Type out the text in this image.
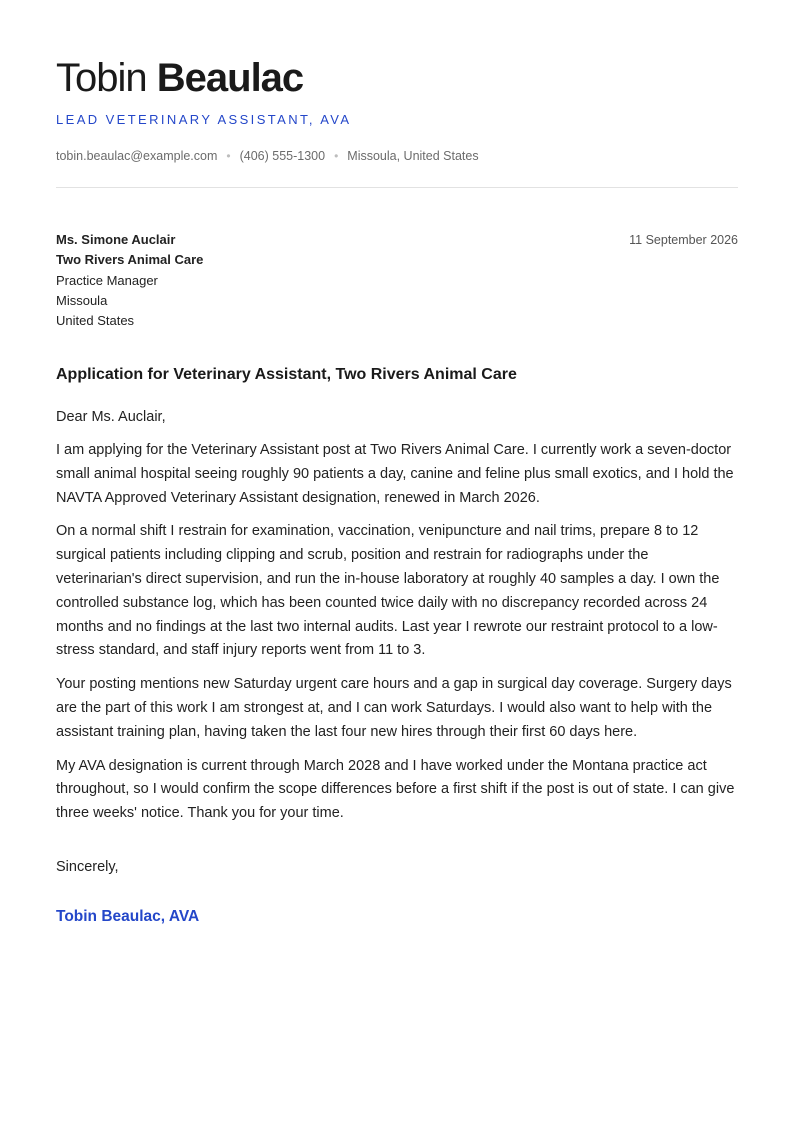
Tobin Beaulac
LEAD VETERINARY ASSISTANT, AVA
tobin.beaulac@example.com • (406) 555-1300 • Missoula, United States
Ms. Simone Auclair
Two Rivers Animal Care
Practice Manager
Missoula
United States
11 September 2026
Application for Veterinary Assistant, Two Rivers Animal Care
Dear Ms. Auclair,

I am applying for the Veterinary Assistant post at Two Rivers Animal Care. I currently work a seven-doctor small animal hospital seeing roughly 90 patients a day, canine and feline plus small exotics, and I hold the NAVTA Approved Veterinary Assistant designation, renewed in March 2026.

On a normal shift I restrain for examination, vaccination, venipuncture and nail trims, prepare 8 to 12 surgical patients including clipping and scrub, position and restrain for radiographs under the veterinarian's direct supervision, and run the in-house laboratory at roughly 40 samples a day. I own the controlled substance log, which has been counted twice daily with no discrepancy recorded across 24 months and no findings at the last two internal audits. Last year I rewrote our restraint protocol to a low-stress standard, and staff injury reports went from 11 to 3.

Your posting mentions new Saturday urgent care hours and a gap in surgical day coverage. Surgery days are the part of this work I am strongest at, and I can work Saturdays. I would also want to help with the assistant training plan, having taken the last four new hires through their first 60 days here.

My AVA designation is current through March 2028 and I have worked under the Montana practice act throughout, so I would confirm the scope differences before a first shift if the post is out of state. I can give three weeks' notice. Thank you for your time.

Sincerely,
Tobin Beaulac, AVA
